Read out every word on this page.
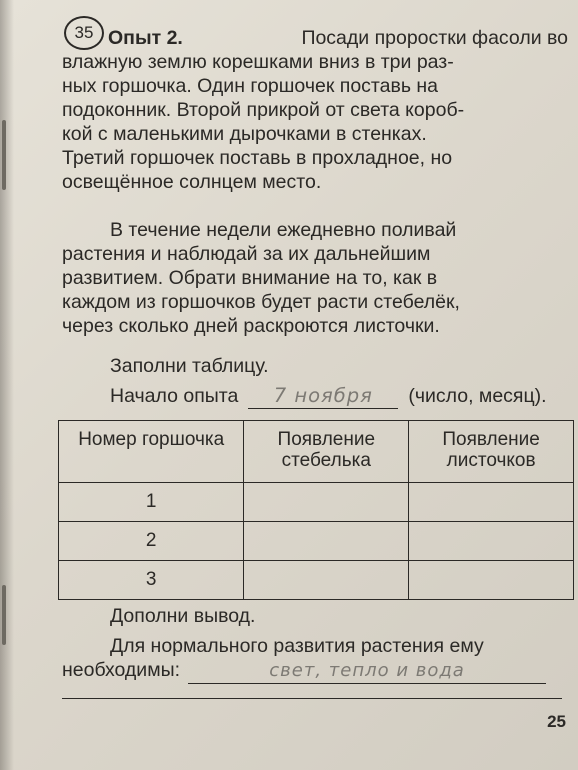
35 Опыт 2.	Посади проростки фасоли во
влажную землю корешками вниз в три раз-
ных горшочка. Один горшочек поставь на
подоконник. Второй прикрой от света короб-
кой с маленькими дырочками в стенках.
Третий горшочек поставь в прохладное, но
освещённое солнцем место.
В течение недели ежедневно поливай
растения и наблюдай за их дальнейшим
развитием. Обрати внимание на то, как в
каждом из горшочков будет расти стебелёк,
через сколько дней раскроются листочки.
Заполни таблицу.
Начало опыта	7 ноября	(число, месяц).
Номер горшочка	Появление стебелька	Появление листочков
1		
2		
3		
Дополни вывод.
Для нормального развития растения ему
необходимы:	свет, тепло и вода
25
